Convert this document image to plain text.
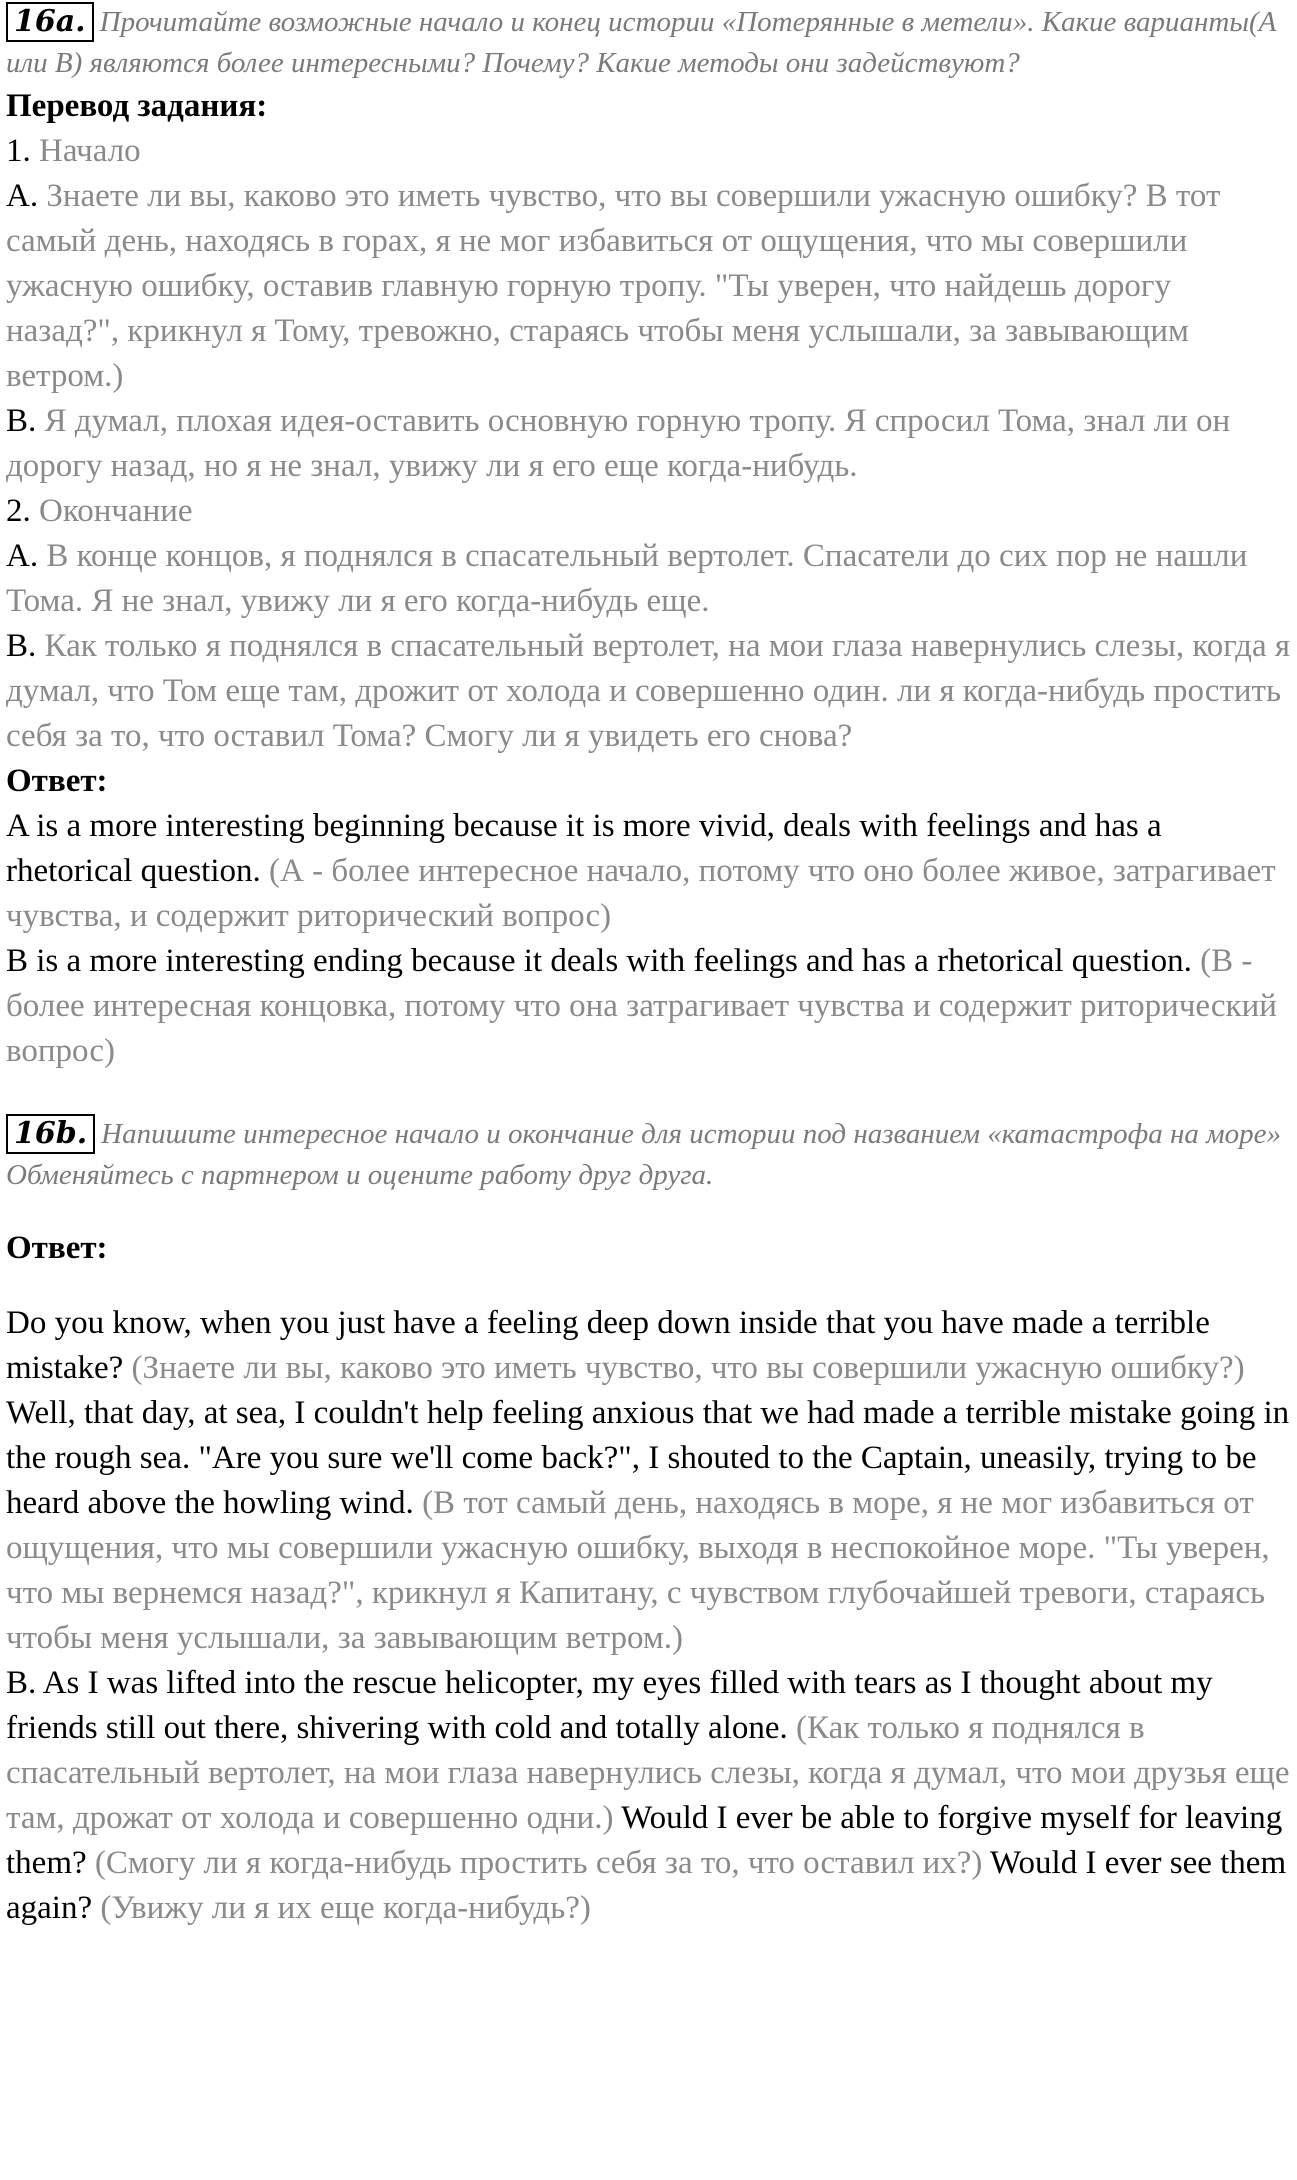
16a. Прочитайте возможные начало и конец истории «Потерянные в метели». Какие варианты(А или В) являются более интересными? Почему? Какие методы они задействуют?
Перевод задания:
1. Начало
A. Знаете ли вы, каково это иметь чувство, что вы совершили ужасную ошибку? В тот самый день, находясь в горах, я не мог избавиться от ощущения, что мы совершили ужасную ошибку, оставив главную горную тропу. "Ты уверен, что найдешь дорогу назад?", крикнул я Тому, тревожно, стараясь чтобы меня услышали, за завывающим ветром.)
B. Я думал, плохая идея-оставить основную горную тропу. Я спросил Тома, знал ли он дорогу назад, но я не знал, увижу ли я его еще когда-нибудь.
2. Окончание
A. В конце концов, я поднялся в спасательный вертолет. Спасатели до сих пор не нашли Тома. Я не знал, увижу ли я его когда-нибудь еще.
B. Как только я поднялся в спасательный вертолет, на мои глаза навернулись слезы, когда я думал, что Том еще там, дрожит от холода и совершенно один. ли я когда-нибудь простить себя за то, что оставил Тома? Смогу ли я увидеть его снова?
Ответ:
A is a more interesting beginning because it is more vivid, deals with feelings and has a rhetorical question. (А - более интересное начало, потому что оно более живое, затрагивает чувства, и содержит риторический вопрос)
B is a more interesting ending because it deals with feelings and has a rhetorical question. (В - более интересная концовка, потому что она затрагивает чувства и содержит риторический вопрос)
16b. Напишите интересное начало и окончание для истории под названием «катастрофа на море» Обменяйтесь с партнером и оцените работу друг друга.
Ответ:
Do you know, when you just have a feeling deep down inside that you have made a terrible mistake? (Знаете ли вы, каково это иметь чувство, что вы совершили ужасную ошибку?) Well, that day, at sea, I couldn't help feeling anxious that we had made a terrible mistake going in the rough sea. "Are you sure we'll come back?", I shouted to the Captain, uneasily, trying to be heard above the howling wind. (В тот самый день, находясь в море, я не мог избавиться от ощущения, что мы совершили ужасную ошибку, выходя в неспокойное море. "Ты уверен, что мы вернемся назад?", крикнул я Капитану, с чувством глубочайшей тревоги, стараясь чтобы меня услышали, за завывающим ветром.)
B. As I was lifted into the rescue helicopter, my eyes filled with tears as I thought about my friends still out there, shivering with cold and totally alone. (Как только я поднялся в спасательный вертолет, на мои глаза навернулись слезы, когда я думал, что мои друзья еще там, дрожат от холода и совершенно одни.) Would I ever be able to forgive myself for leaving them? (Смогу ли я когда-нибудь простить себя за то, что оставил их?) Would I ever see them again? (Увижу ли я их еще когда-нибудь?)
